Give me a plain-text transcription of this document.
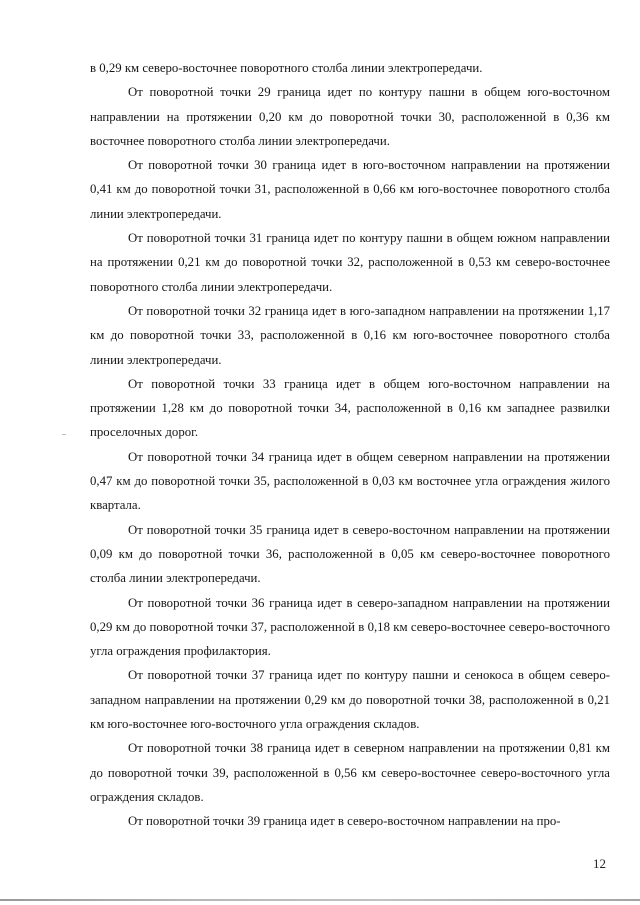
в 0,29 км северо-восточнее поворотного столба линии электропередачи.

От поворотной точки 29 граница идет по контуру пашни в общем юго-восточном направлении на протяжении 0,20 км до поворотной точки 30, расположенной в 0,36 км восточнее поворотного столба линии электропередачи.

От поворотной точки 30 граница идет в юго-восточном направлении на протяжении 0,41 км до поворотной точки 31, расположенной в 0,66 км юго-восточнее поворотного столба линии электропередачи.

От поворотной точки 31 граница идет по контуру пашни в общем южном направлении на протяжении 0,21 км до поворотной точки 32, расположенной в 0,53 км северо-восточнее поворотного столба линии электропередачи.

От поворотной точки 32 граница идет в юго-западном направлении на протяжении 1,17 км до поворотной точки 33, расположенной в 0,16 км юго-восточнее поворотного столба линии электропередачи.

От поворотной точки 33 граница идет в общем юго-восточном направлении на протяжении 1,28 км до поворотной точки 34, расположенной в 0,16 км западнее развилки проселочных дорог.

От поворотной точки 34 граница идет в общем северном направлении на протяжении 0,47 км до поворотной точки 35, расположенной в 0,03 км восточнее угла ограждения жилого квартала.

От поворотной точки 35 граница идет в северо-восточном направлении на протяжении 0,09 км до поворотной точки 36, расположенной в 0,05 км северо-восточнее поворотного столба линии электропередачи.

От поворотной точки 36 граница идет в северо-западном направлении на протяжении 0,29 км до поворотной точки 37, расположенной в 0,18 км северо-восточнее северо-восточного угла ограждения профилактория.

От поворотной точки 37 граница идет по контуру пашни и сенокоса в общем северо-западном направлении на протяжении 0,29 км до поворотной точки 38, расположенной в 0,21 км юго-восточнее юго-восточного угла ограждения складов.

От поворотной точки 38 граница идет в северном направлении на протяжении 0,81 км до поворотной точки 39, расположенной в 0,56 км северо-восточнее северо-восточного угла ограждения складов.

От поворотной точки 39 граница идет в северо-восточном направлении на про-

12
